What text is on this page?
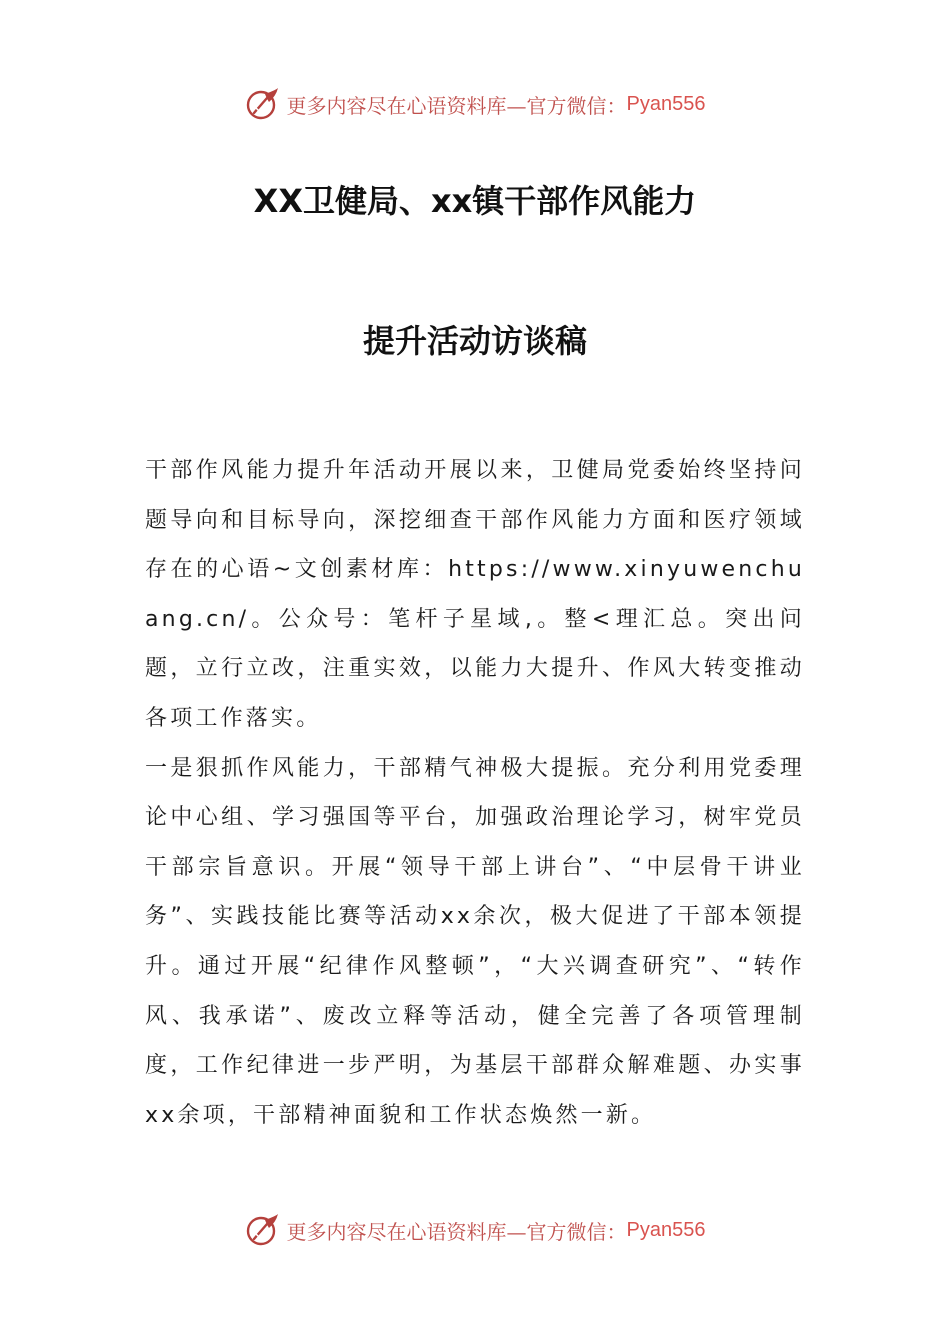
更多内容尽在心语资料库—官方微信： Pyan556
XX卫健局、xx镇干部作风能力
提升活动访谈稿

干部作风能力提升年活动开展以来，卫健局党委始终坚持问题导向和目标导向，深挖细查干部作风能力方面和医疗领域存在的心语~文创素材库：https://www.xinyuwenchuang.cn/。公众号：笔杆子星域,。整<理汇总。突出问题，立行立改，注重实效，以能力大提升、作风大转变推动各项工作落实。

一是狠抓作风能力，干部精气神极大提振。充分利用党委理论中心组、学习强国等平台，加强政治理论学习，树牢党员干部宗旨意识。开展“领导干部上讲台”、“中层骨干讲业务”、实践技能比赛等活动xx余次，极大促进了干部本领提升。通过开展“纪律作风整顿”，“大兴调查研究”、“转作风、我承诺”、废改立释等活动，健全完善了各项管理制度，工作纪律进一步严明，为基层干部群众解难题、办实事xx余项，干部精神面貌和工作状态焕然一新。

更多内容尽在心语资料库—官方微信： Pyan556
